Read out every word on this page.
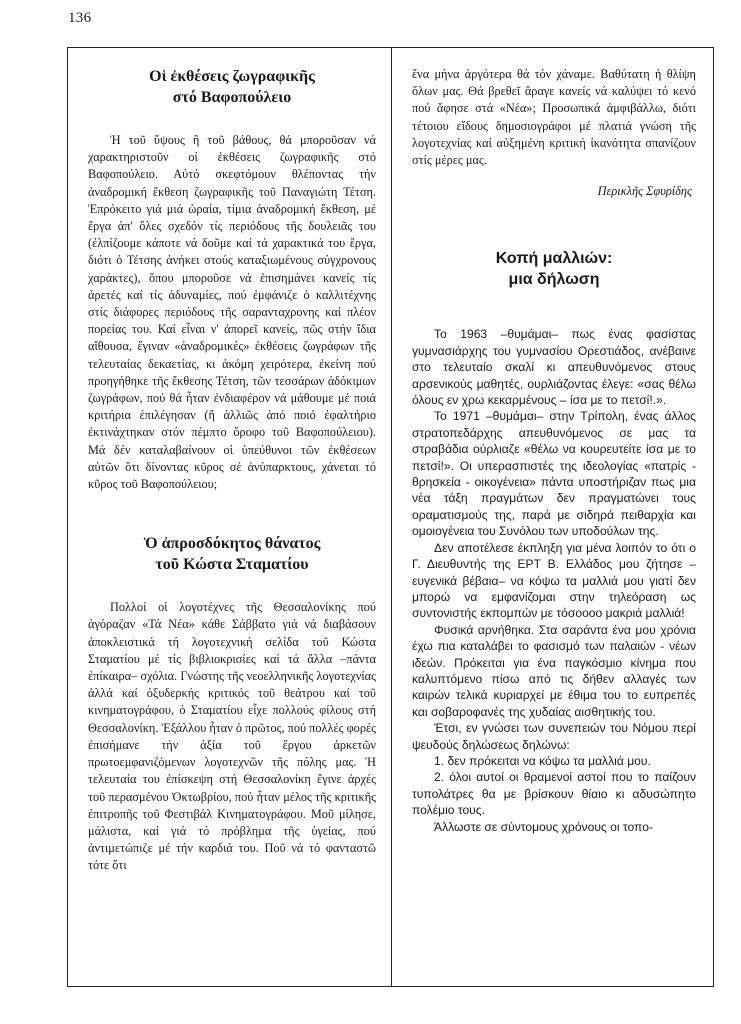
136
Οἱ ἐκθέσεις ζωγραφικῆς
στό Βαφοπούλειο

Ἡ τοῦ ὕψους ἢ τοῦ βάθους, θά μποροῦσαν νά χαρακτηριστοῦν οἱ ἐκθέσεις ζωγραφικῆς στό Βαφοπούλειο. Αὐτό σκεφτόμουν θλέποντας τήν ἀναδρομική ἔκθεση ζωγραφικῆς τοῦ Παναγιώτη Τέτση. Ἐπρόκειτο γιά μιά ὡραία, τίμια ἀναδρομική ἔκθεση, μέ ἔργα ἀπ' ὅλες σχεδόν τίς περιόδους τῆς δουλειᾶς του (ἐλπίζουμε κάποτε νά δοῦμε καί τά χαρακτικά του ἔργα, διότι ὁ Τέτσης ἀνήκει στούς καταξιωμένους σύγχρονους χαράκτες), ὅπου μποροῦσε νά ἐπισημάνει κανείς τίς ἀρετές καί τίς ἀδυναμίες, πού ἐμφάνιζε ὁ καλλιτέχνης στίς διάφορες περιόδους τῆς σαρανταχρονης καί πλέον πορείας του. Καί εἶναι ν' ἀπορεῖ κανείς, πῶς στήν ἴδια αἴθουσα, ἔγιναν «ἀναδρομικές» ἐκθέσεις ζωγράφων τῆς τελευταίας δεκαετίας, κι ἀκόμη χειρότερα, ἐκείνη πού προηγήθηκε τῆς ἔκθεσης Τέτση, τῶν τεσσάρων ἀδόκιμων ζωγράφων, πού θά ἦταν ἐνδιαφέρον νά μάθουμε μέ ποιά κριτήρια ἐπιλέγησαν (ἤ ἀλλιῶς ἀπό ποιό ἐφαλτήριο ἐκτινάχτηκαν στόν πέμπτο ὄροφο τοῦ Βαφοπούλειου). Μά δέν καταλαβαίνουν οἱ ὑπεύθυνοι τῶν ἐκθέσεων αὐτῶν ὅτι δίνοντας κῦρος σέ ἀνύπαρκτους, χάνεται τό κῦρος τοῦ Βαφοπούλειου;

Ὁ ἀπροσδόκητος θάνατος
τοῦ Κώστα Σταματίου

Πολλοί οἱ λογοτέχνες τῆς Θεσσαλονίκης πού ἀγόραζαν «Τά Νέα» κάθε Σάββατο γιά νά διαβάσουν ἀποκλειστικά τή λογοτεχνική σελίδα τοῦ Κώστα Σταματίου μέ τίς βιβλιοκρισίες καί τά ἄλλα –πάντα ἐπίκαιρα– σχόλια. Γνώστης τῆς νεοελληνικῆς λογοτεχνίας ἀλλά καί ὀξυδερκής κριτικός τοῦ θεάτρου καί τοῦ κινηματογράφου, ὁ Σταματίου εἶχε πολλούς φίλους στή Θεσσαλονίκη. Ἐξάλλου ἦταν ὁ πρῶτος, πού πολλές φορές ἐπισήμανε τήν ἀξία τοῦ ἔργου ἀρκετῶν πρωτοεμφανιζόμενων λογοτεχνῶν τῆς πόλης μας. Ἡ τελευταία του ἐπίσκεψη στή Θεσσαλονίκη ἔγινε ἀρχές τοῦ περασμένου Ὀκτωβρίου, πού ἦταν μέλος τῆς κριτικῆς ἐπιτροπῆς τοῦ Φεστιβάλ Κινηματογράφου. Μοῦ μίλησε, μάλιστα, καί γιά τό πρόβλημα τῆς ὑγείας, πού ἀντιμετώπιζε μέ τήν καρδιά του. Ποῦ νά τό φανταστῶ τότε ὅτι

ἕνα μήνα ἀργότερα θά τόν χάναμε. Βαθύτατη ἡ θλίψη ὅλων μας. Θά βρεθεῖ ἄραγε κανείς νά καλύψει τό κενό πού ἄφησε στά «Νέα»; Προσωπικά ἀμφιβάλλω, διότι τέτοιου εἴδους δημοσιογράφοι μέ πλατιά γνώση τῆς λογοτεχνίας καί αὐξημένη κριτική ἱκανότητα σπανίζουν στίς μέρες μας.

Περικλῆς Σφυρίδης
Κοπή μαλλιών:
μια δήλωση

Το 1963 –θυμάμαι– πως ένας φασίστας γυμνασιάρχης του γυμνασίου Ορεστιάδος, ανέβαινε στο τελευταίο σκαλί κι απευθυνόμενος στους αρσενικούς μαθητές, ουρλιάζοντας έλεγε: «σας θέλω όλους εν χρω κεκαρμένους – ίσα με το πετσί!.».

Το 1971 –θυμάμαι– στην Τρίπολη, ένας άλλος στρατοπεδάρχης απευθυνόμενος σε μας τα στραβάδια ούρλιαζε «θέλω να κουρευτείτε ίσα με το πετσί!». Οι υπερασπιστές της ιδεολογίας «πατρίς - θρησκεία - οικογένεια» πάντα υποστήριζαν πως μια νέα τάξη πραγμάτων δεν πραγματώνει τους οραματισμούς της, παρά με σιδηρά πειθαρχία και ομοιογένεια του Συνόλου των υποδούλων της.

Δεν αποτέλεσε έκπληξη για μένα λοιπόν το ότι ο Γ. Διευθυντής της ΕΡΤ Β. Ελλάδος μου ζήτησε –ευγενικά βέβαια– να κόψω τα μαλλιά μου γιατί δεν μπορώ να εμφανίζομαι στην τηλεόραση ως συντονιστής εκπομπών με τόσοοοο μακριά μαλλιά!

Φυσικά αρνήθηκα. Στα σαράντα ένα μου χρόνια έχω πια καταλάβει το φασισμό των παλαιών - νέων ιδεών. Πρόκειται για ένα παγκόσμιο κίνημα που καλυπτόμενο πίσω από τις δήθεν αλλαγές των καιρών τελικά κυριαρχεί με έθιμα του το ευπρεπές και σοβαροφανές της χυδαίας αισθητικής του.

Έτσι, εν γνώσει των συνεπειών του Νόμου περί ψευδούς δηλώσεως δηλώνω:

1. δεν πρόκειται να κόψω τα μαλλιά μου.

2. όλοι αυτοί οι θραμενοί αστοί που το παίζουν τυπολάτρες θα με βρίσκουν θίαιο κι αδυσώπητο πολέμιο τους.

Άλλωστε σε σύντομους χρόνους οι τοπο-
